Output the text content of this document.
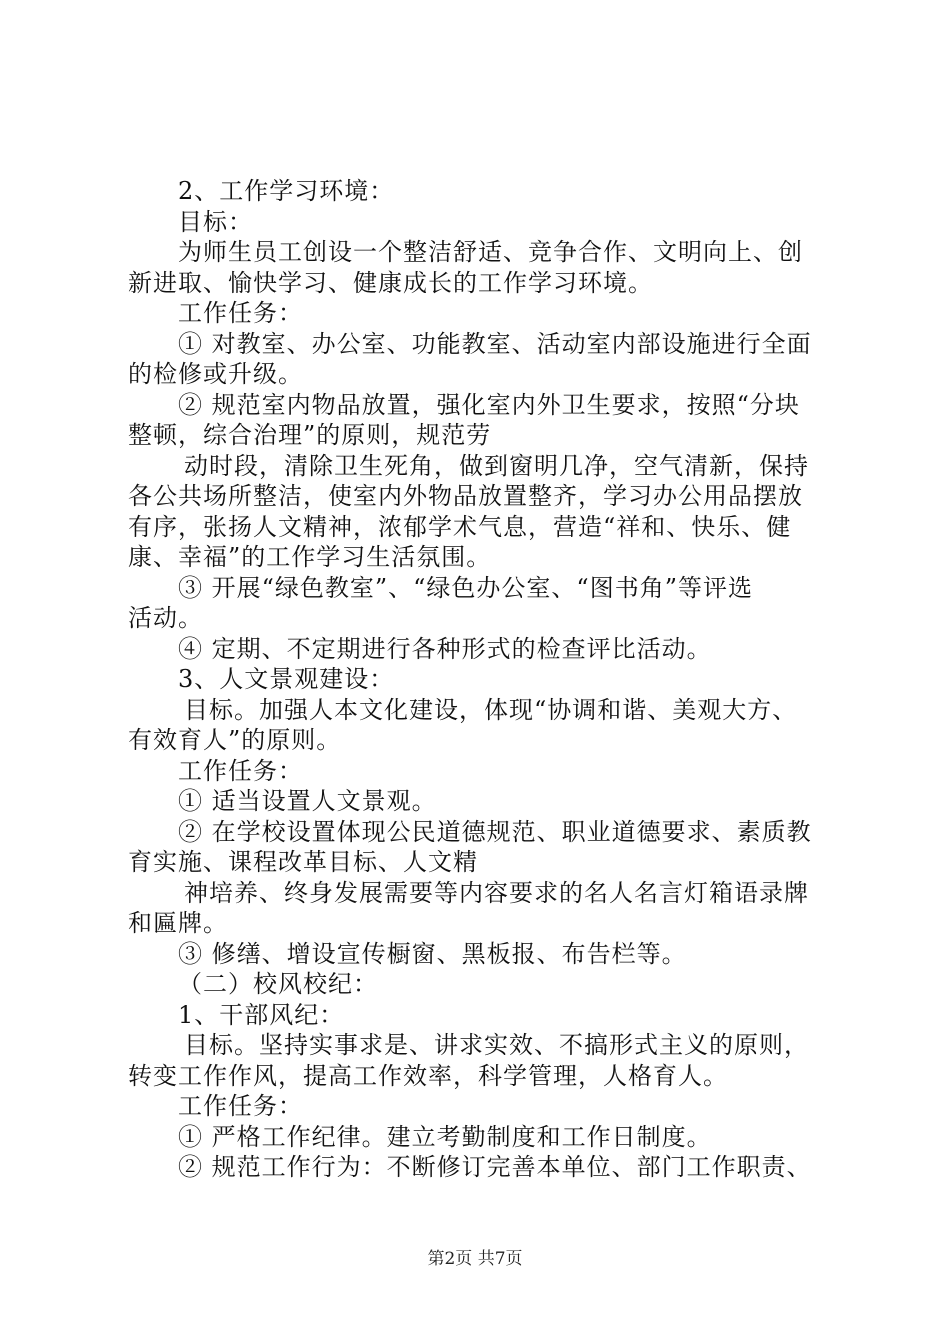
2、工作学习环境：
目标：
为师生员工创设一个整洁舒适、竞争合作、文明向上、创
新进取、愉快学习、健康成长的工作学习环境。
工作任务：
① 对教室、办公室、功能教室、活动室内部设施进行全面
的检修或升级。
② 规范室内物品放置，强化室内外卫生要求，按照“分块
整顿，综合治理”的原则，规范劳
动时段，清除卫生死角，做到窗明几净，空气清新，保持
各公共场所整洁，使室内外物品放置整齐，学习办公用品摆放
有序，张扬人文精神，浓郁学术气息，营造“祥和、快乐、健
康、幸福”的工作学习生活氛围。
③ 开展“绿色教室”、“绿色办公室、“图书角”等评选
活动。
④ 定期、不定期进行各种形式的检查评比活动。
3、人文景观建设：
目标。加强人本文化建设，体现“协调和谐、美观大方、
有效育人”的原则。
工作任务：
① 适当设置人文景观。
② 在学校设置体现公民道德规范、职业道德要求、素质教
育实施、课程改革目标、人文精
神培养、终身发展需要等内容要求的名人名言灯箱语录牌
和匾牌。
③ 修缮、增设宣传橱窗、黑板报、布告栏等。
（二）校风校纪：
1、干部风纪：
目标。坚持实事求是、讲求实效、不搞形式主义的原则，
转变工作作风，提高工作效率，科学管理，人格育人。
工作任务：
① 严格工作纪律。建立考勤制度和工作日制度。
② 规范工作行为：不断修订完善本单位、部门工作职责、
第2页 共7页
